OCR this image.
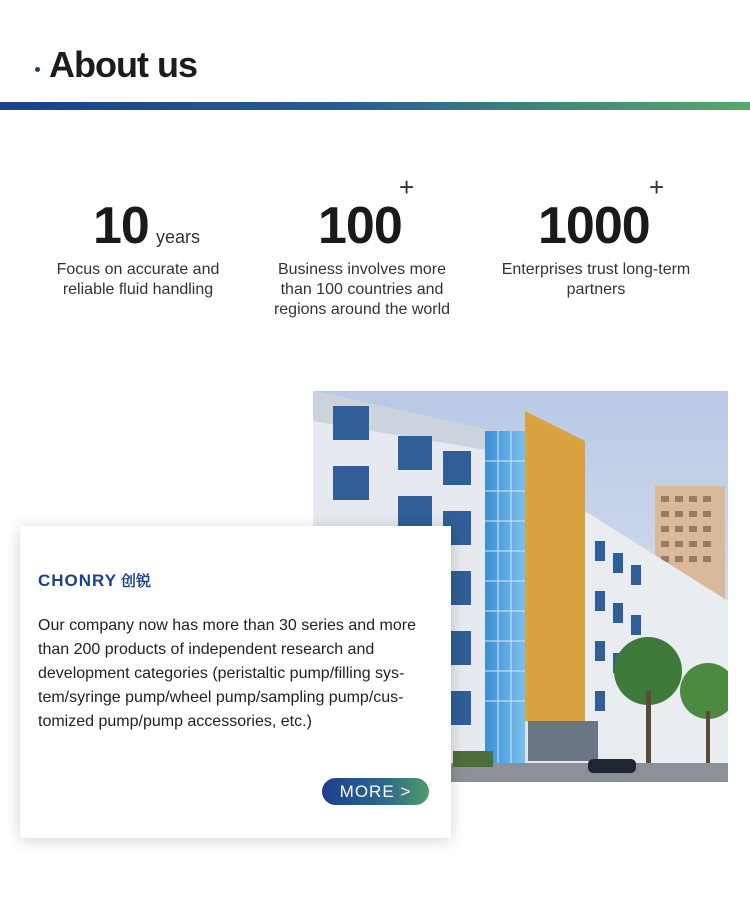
About us
10 years

Focus on accurate and reliable fluid handling

100
+

Business involves more than 100 countries and regions around the world

1000
+

Enterprises trust long-term partners

CHONRY 创锐

Our company now has more than 30 series and more than 200 products of independent research and development categories (peristaltic pump/filling sys-tem/syringe pump/wheel pump/sampling pump/cus-tomized pump/pump accessories, etc.)

MORE >
